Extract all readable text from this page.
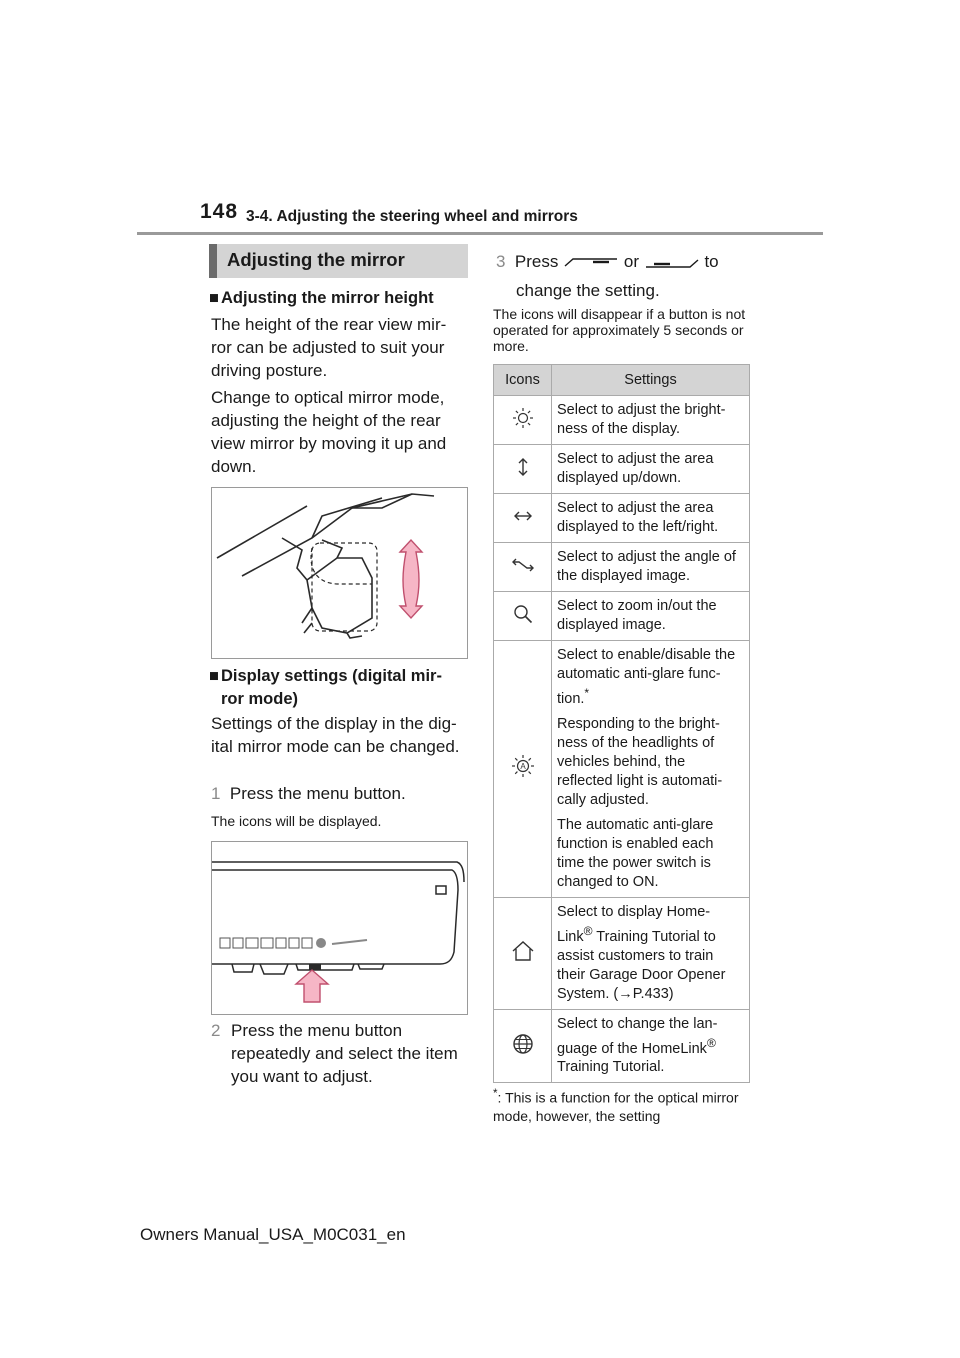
148 3-4. Adjusting the steering wheel and mirrors
Adjusting the mirror
■ Adjusting the mirror height
The height of the rear view mir-ror can be adjusted to suit your driving posture.
Change to optical mirror mode, adjusting the height of the rear view mirror by moving it up and down.
■ Display settings (digital mir-ror mode)
Settings of the display in the dig-ital mirror mode can be changed.
1 Press the menu button.
The icons will be displayed.
2 Press the menu button repeatedly and select the item you want to adjust.
3 Press	or	to
change the setting.
The icons will disappear if a button is not operated for approximately 5 seconds or more.
Icons	Settings
	Select to adjust the bright-ness of the display.
	Select to adjust the area displayed up/down.
	Select to adjust the area displayed to the left/right.
	Select to adjust the angle of the displayed image.
	Select to zoom in/out the displayed image.

A	Select to enable/disable the automatic anti-glare func-tion.*

Responding to the bright-ness of the headlights of vehicles behind, the reflected light is automati-cally adjusted.

The automatic anti-glare function is enabled each time the power switch is changed to ON.

	Select to display Home-Link® Training Tutorial to assist customers to train their Garage Door Opener System. (→P.433)
	Select to change the lan-guage of the HomeLink® Training Tutorial.
*: This is a function for the optical mirror mode, however, the setting
Owners Manual_USA_M0C031_en
